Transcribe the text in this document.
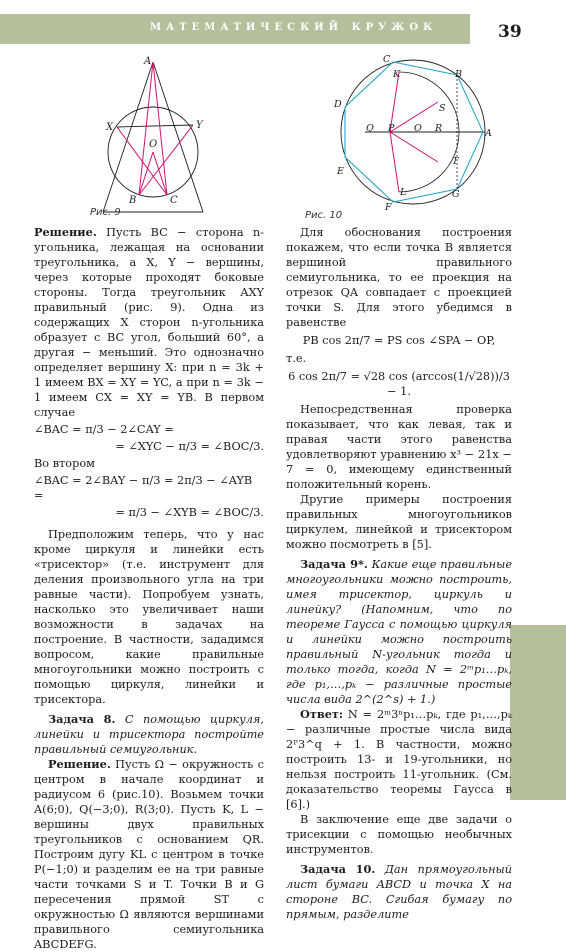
МАТЕМАТИЧЕСКИЙ КРУЖОК	39
A
X	Y
O
B	C
Рис. 9
C
K	B
D	S
Q P O R	A
T
E
L	G
F
Рис. 10

Решение. Пусть BC − сторона n-угольника, лежащая на основании треугольника, а X, Y − вершины, через которые проходят боковые стороны. Тогда треугольник AXY правильный (рис. 9). Одна из содержащих X сторон n-угольника образует с BC угол, больший 60°, а другая − меньший. Это однозначно определяет вершину X: при n = 3k + 1 имеем BX = XY = YC, а при n = 3k − 1 имеем CX = XY = YB. В первом случае

∠BAC = π/3 − 2∠CAY =

= ∠XYC − π/3 = ∠BOC/3.

Во втором

∠BAC = 2∠BAY − π/3 = 2π/3 − ∠AYB =

= π/3 − ∠XYB = ∠BOC/3.

Предположим теперь, что у нас кроме циркуля и линейки есть «трисектор» (т.е. инструмент для деления произвольного угла на три равные части). Попробуем узнать, насколько это увеличивает наши возможности в задачах на построение. В частности, зададимся вопросом, какие правильные многоугольники можно построить с помощью циркуля, линейки и трисектора.

Задача 8. С помощью циркуля, линейки и трисектора постройте правильный семиугольник.

Решение. Пусть Ω − окружность с центром в начале координат и радиусом 6 (рис.10). Возьмем точки A(6;0), Q(−3;0), R(3;0). Пусть K, L − вершины двух правильных треугольников с основанием QR. Построим дугу KL с центром в точке P(−1;0) и разделим ее на три равные части точками S и T. Точки B и G пересечения прямой ST с окружностью Ω являются вершинами правильного семиугольника ABCDEFG.

Для обоснования построения покажем, что если точка B является вершиной правильного семиугольника, то ее проекция на отрезок QA совпадает с проекцией точки S. Для этого убедимся в равенстве

PB cos 2π/7 = PS cos ∠SPA − OP,

т.е.

6 cos 2π/7 = √28 cos (arccos(1/√28))/3 − 1.

Непосредственная проверка показывает, что как левая, так и правая части этого равенства удовлетворяют уравнению x³ − 21x − 7 = 0, имеющему единственный положительный корень.

Другие примеры построения правильных многоугольников циркулем, линейкой и трисектором можно посмотреть в [5].

Задача 9*. Какие еще правильные многоугольники можно построить, имея трисектор, циркуль и линейку? (Напомним, что по теореме Гаусса с помощью циркуля и линейки можно построить правильный N-угольник тогда и только тогда, когда N = 2ᵐp₁…pₖ, где p₁,…,pₖ − различные простые числа вида 2^(2^s) + 1.)

Ответ: N = 2ᵐ3ⁿp₁…pₖ, где p₁,…,pₖ − различные простые числа вида 2ᴾ3^q + 1. В частности, можно построить 13- и 19-угольники, но нельзя построить 11-угольник. (См. доказательство теоремы Гаусса в [6].)

В заключение еще две задачи о трисекции с помощью необычных инструментов.

Задача 10. Дан прямоугольный лист бумаги ABCD и точка X на стороне BC. Сгибая бумагу по прямым, разделите
